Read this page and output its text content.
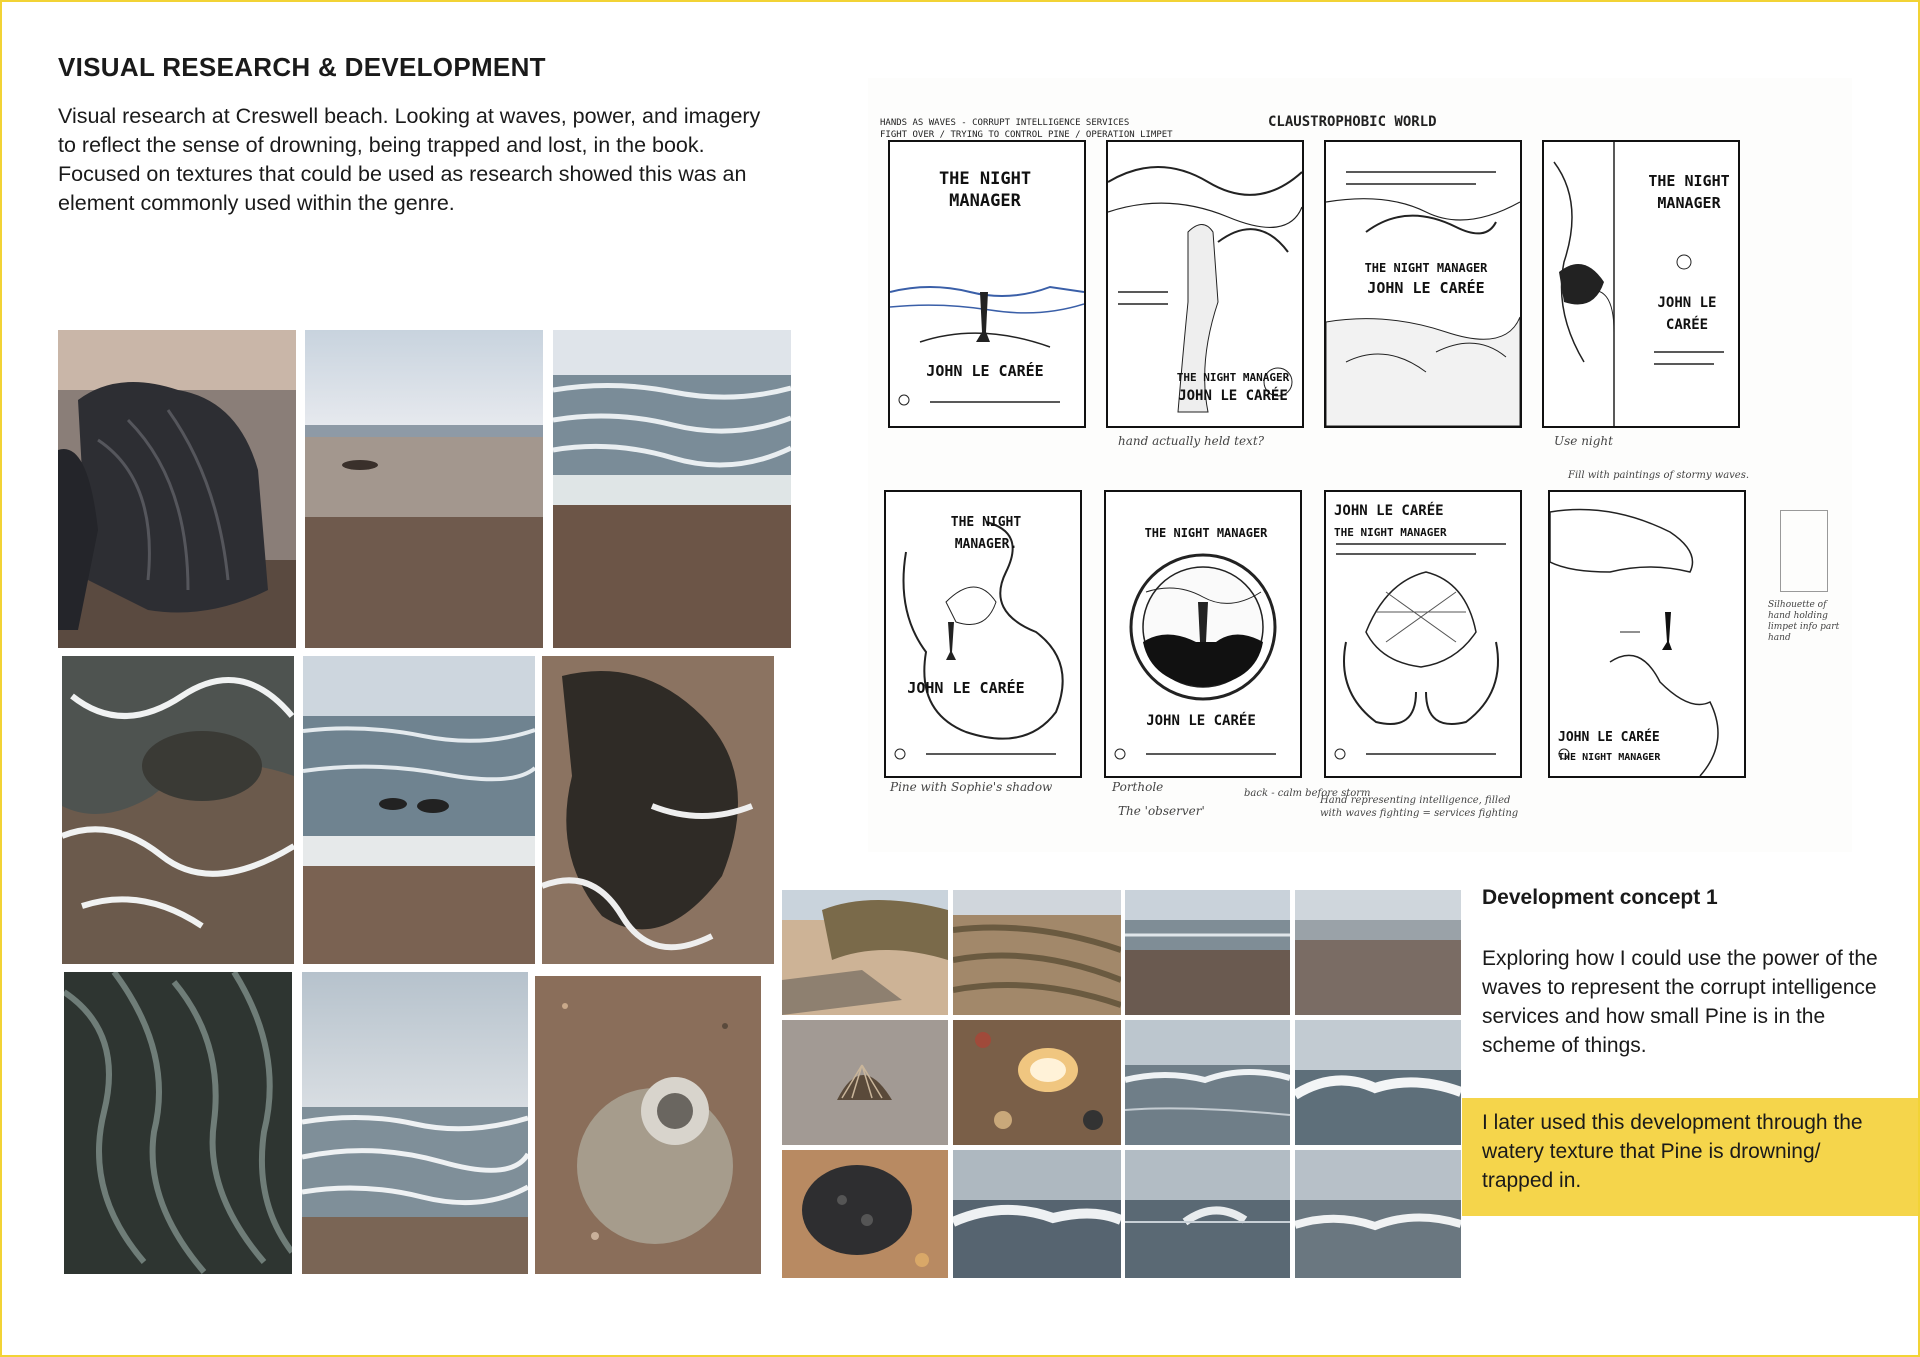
VISUAL RESEARCH & DEVELOPMENT
Visual research at Creswell beach. Looking at waves, power, and imagery to reflect the sense of drowning, being trapped and lost, in the book. Focused on textures that could be used as research showed this was an element commonly used within the genre.
HANDS AS WAVES - CORRUPT INTELLIGENCE SERVICES
FIGHT OVER / TRYING TO CONTROL PINE / OPERATION LIMPET
CLAUSTROPHOBIC WORLD
THE NIGHT MANAGER
JOHN LE CARÉE	THE NIGHT MANAGER
JOHN LE CARÉE
hand actually held text?
THE NIGHT MANAGER
JOHN LE CARÉE
THE NIGHT MANAGER
JOHN LE CARÉE
Use night
THE NIGHT MANAGER.
JOHN LE CARÉE
Pine with Sophie's shadow
THE NIGHT MANAGER
JOHN LE CARÉE
Porthole
The 'observer'
back - calm before storm
JOHN LE CARÉE
THE NIGHT MANAGER
Hand representing intelligence, filled with waves fighting = services fighting
JOHN LE CARÉE
THE NIGHT MANAGER
Fill with paintings of stormy waves.
Silhouette of hand holding limpet info part hand
Development concept 1
Exploring how I could use the power of the waves to represent the corrupt intelligence services and how small Pine is in the scheme of things.
I later used this development through the watery texture that Pine is drowning/ trapped in.
